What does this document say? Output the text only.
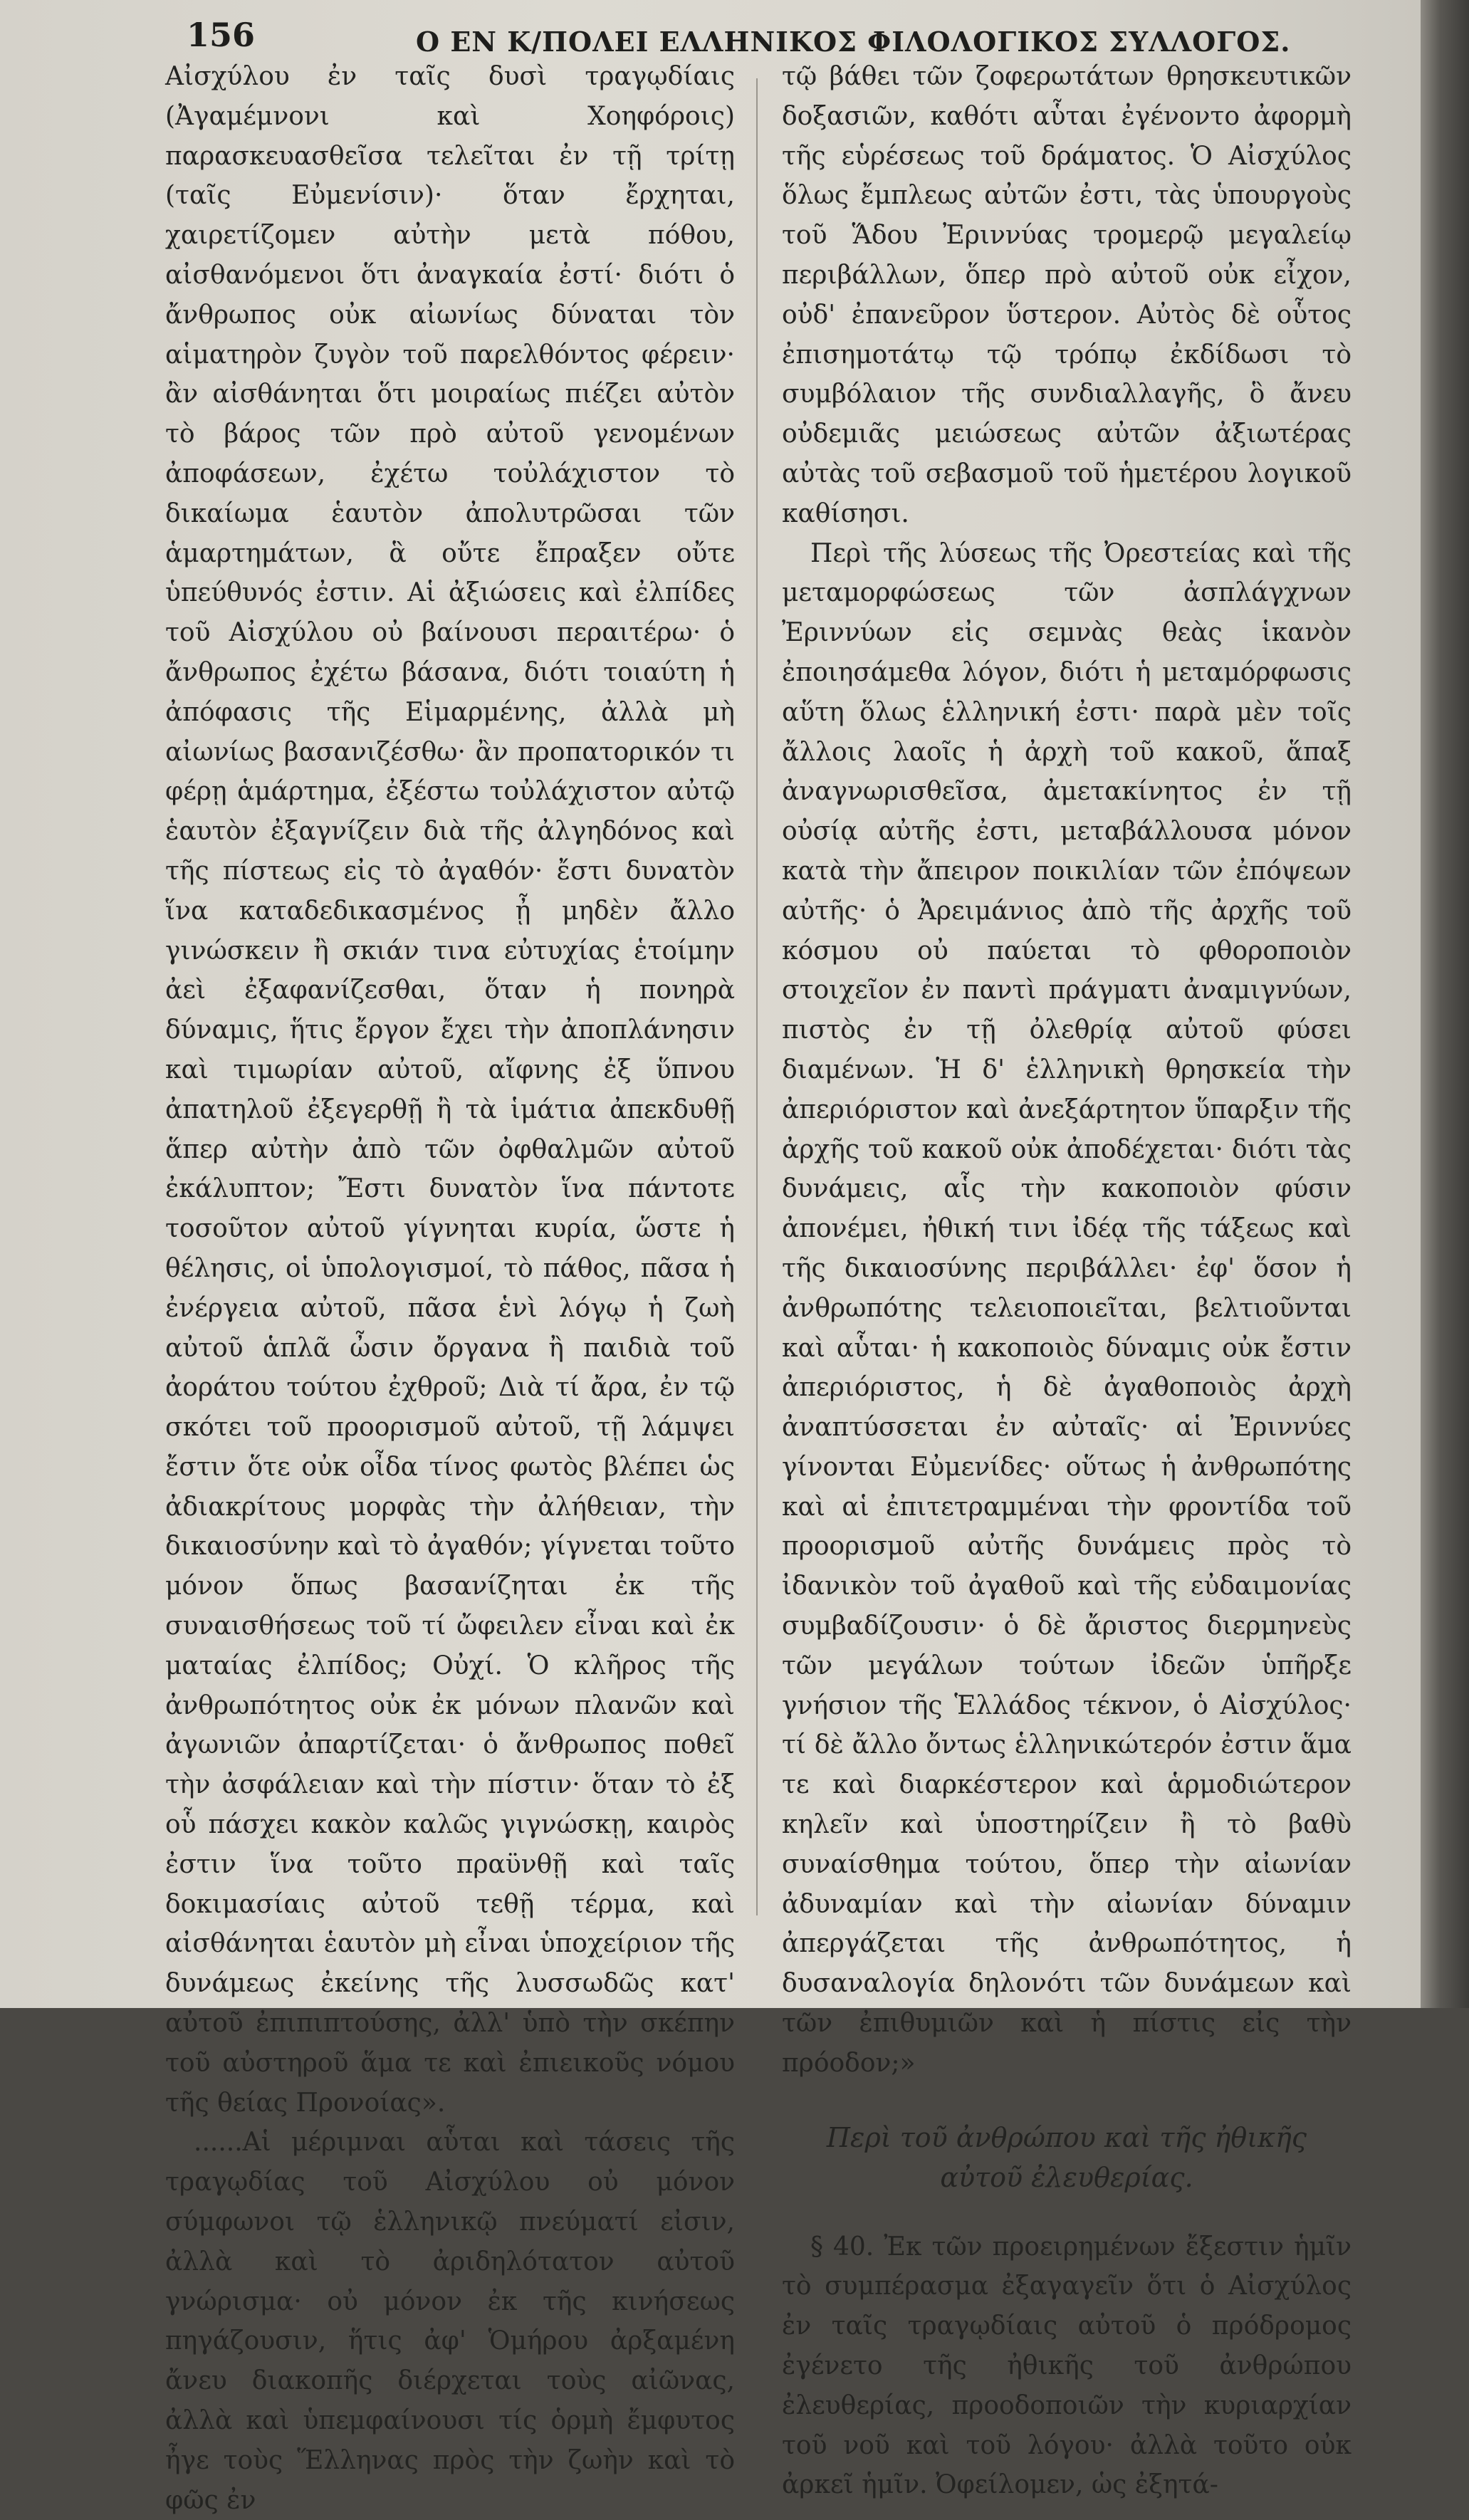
156	Ο ΕΝ Κ/ΠΟΛΕΙ ΕΛΛΗΝΙΚΟΣ ΦΙΛΟΛΟΓΙΚΟΣ ΣΥΛΛΟΓΟΣ.

Αἰσχύλου ἐν ταῖς δυσὶ τραγῳδίαις (Ἀγαμέμνονι καὶ Χοηφόροις) παρασκευασθεῖσα τελεῖται ἐν τῇ τρίτῃ (ταῖς Εὐμενίσιν)· ὅταν ἔρχηται, χαιρετίζομεν αὐτὴν μετὰ πόθου, αἰσθανόμενοι ὅτι ἀναγκαία ἐστί· διότι ὁ ἄνθρωπος οὐκ αἰωνίως δύναται τὸν αἱματηρὸν ζυγὸν τοῦ παρελθόντος φέρειν· ἂν αἰσθάνηται ὅτι μοιραίως πιέζει αὐτὸν τὸ βάρος τῶν πρὸ αὐτοῦ γενομένων ἀποφάσεων, ἐχέτω τοὐλάχιστον τὸ δικαίωμα ἑαυτὸν ἀπολυτρῶσαι τῶν ἁμαρτημάτων, ἃ οὔτε ἔπραξεν οὔτε ὑπεύθυνός ἐστιν. Αἱ ἀξιώσεις καὶ ἐλπίδες τοῦ Αἰσχύλου οὐ βαίνουσι περαιτέρω· ὁ ἄνθρωπος ἐχέτω βάσανα, διότι τοιαύτη ἡ ἀπόφασις τῆς Εἱμαρμένης, ἀλλὰ μὴ αἰωνίως βασανιζέσθω· ἂν προπατορικόν τι φέρῃ ἁμάρτημα, ἐξέστω τοὐλάχιστον αὐτῷ ἑαυτὸν ἐξαγνίζειν διὰ τῆς ἀλγηδόνος καὶ τῆς πίστεως εἰς τὸ ἀγαθόν· ἔστι δυνατὸν ἵνα καταδεδικασμένος ᾖ μηδὲν ἄλλο γινώσκειν ἢ σκιάν τινα εὐτυχίας ἑτοίμην ἀεὶ ἐξαφανίζεσθαι, ὅταν ἡ πονηρὰ δύναμις, ἥτις ἔργον ἔχει τὴν ἀποπλάνησιν καὶ τιμωρίαν αὐτοῦ, αἴφνης ἐξ ὕπνου ἀπατηλοῦ ἐξεγερθῇ ἢ τὰ ἱμάτια ἀπεκδυθῇ ἅπερ αὐτὴν ἀπὸ τῶν ὀφθαλμῶν αὐτοῦ ἐκάλυπτον; Ἔστι δυνατὸν ἵνα πάντοτε τοσοῦτον αὐτοῦ γίγνηται κυρία, ὥστε ἡ θέλησις, οἱ ὑπολογισμοί, τὸ πάθος, πᾶσα ἡ ἐνέργεια αὐτοῦ, πᾶσα ἑνὶ λόγῳ ἡ ζωὴ αὐτοῦ ἁπλᾶ ὦσιν ὄργανα ἢ παιδιὰ τοῦ ἀοράτου τούτου ἐχθροῦ; Διὰ τί ἄρα, ἐν τῷ σκότει τοῦ προορισμοῦ αὐτοῦ, τῇ λάμψει ἔστιν ὅτε οὐκ οἶδα τίνος φωτὸς βλέπει ὡς ἀδιακρίτους μορφὰς τὴν ἀλήθειαν, τὴν δικαιοσύνην καὶ τὸ ἀγαθόν; γίγνεται τοῦτο μόνον ὅπως βασανίζηται ἐκ τῆς συναισθήσεως τοῦ τί ὤφειλεν εἶναι καὶ ἐκ ματαίας ἐλπίδος; Οὐχί. Ὁ κλῆρος τῆς ἀνθρωπότητος οὐκ ἐκ μόνων πλανῶν καὶ ἀγωνιῶν ἀπαρτίζεται· ὁ ἄνθρωπος ποθεῖ τὴν ἀσφάλειαν καὶ τὴν πίστιν· ὅταν τὸ ἐξ οὗ πάσχει κακὸν καλῶς γιγνώσκῃ, καιρὸς ἐστιν ἵνα τοῦτο πραϋνθῇ καὶ ταῖς δοκιμασίαις αὐτοῦ τεθῇ τέρμα, καὶ αἰσθάνηται ἑαυτὸν μὴ εἶναι ὑποχείριον τῆς δυνάμεως ἐκείνης τῆς λυσσωδῶς κατ' αὐτοῦ ἐπιπιπτούσης, ἀλλ' ὑπὸ τὴν σκέπην τοῦ αὐστηροῦ ἅμα τε καὶ ἐπιεικοῦς νόμου τῆς θείας Προνοίας».

......Αἱ μέριμναι αὗται καὶ τάσεις τῆς τραγῳδίας τοῦ Αἰσχύλου οὐ μόνον σύμφωνοι τῷ ἑλληνικῷ πνεύματί εἰσιν, ἀλλὰ καὶ τὸ ἀριδηλότατον αὐτοῦ γνώρισμα· οὐ μόνον ἐκ τῆς κινήσεως πηγάζουσιν, ἥτις ἀφ' Ὁμήρου ἀρξαμένη ἄνευ διακοπῆς διέρχεται τοὺς αἰῶνας, ἀλλὰ καὶ ὑπεμφαίνουσι τίς ὁρμὴ ἔμφυτος ἦγε τοὺς Ἕλληνας πρὸς τὴν ζωὴν καὶ τὸ φῶς ἐν

τῷ βάθει τῶν ζοφερωτάτων θρησκευτικῶν δοξασιῶν, καθότι αὗται ἐγένοντο ἀφορμὴ τῆς εὑρέσεως τοῦ δράματος. Ὁ Αἰσχύλος ὅλως ἔμπλεως αὐτῶν ἐστι, τὰς ὑπουργοὺς τοῦ Ἅδου Ἐριννύας τρομερῷ μεγαλείῳ περιβάλλων, ὅπερ πρὸ αὐτοῦ οὐκ εἶχον, οὐδ' ἐπανεῦρον ὕστερον. Αὐτὸς δὲ οὗτος ἐπισημοτάτῳ τῷ τρόπῳ ἐκδίδωσι τὸ συμβόλαιον τῆς συνδιαλλαγῆς, ὃ ἄνευ οὐδεμιᾶς μειώσεως αὐτῶν ἀξιωτέρας αὐτὰς τοῦ σεβασμοῦ τοῦ ἡμετέρου λογικοῦ καθίσησι.

Περὶ τῆς λύσεως τῆς Ὀρεστείας καὶ τῆς μεταμορφώσεως τῶν ἀσπλάγχνων Ἐριννύων εἰς σεμνὰς θεὰς ἱκανὸν ἐποιησάμεθα λόγον, διότι ἡ μεταμόρφωσις αὕτη ὅλως ἑλληνική ἐστι· παρὰ μὲν τοῖς ἄλλοις λαοῖς ἡ ἀρχὴ τοῦ κακοῦ, ἅπαξ ἀναγνωρισθεῖσα, ἀμετακίνητος ἐν τῇ οὐσίᾳ αὐτῆς ἐστι, μεταβάλλουσα μόνον κατὰ τὴν ἄπειρον ποικιλίαν τῶν ἐπόψεων αὐτῆς· ὁ Ἀρειμάνιος ἀπὸ τῆς ἀρχῆς τοῦ κόσμου οὐ παύεται τὸ φθοροποιὸν στοιχεῖον ἐν παντὶ πράγματι ἀναμιγνύων, πιστὸς ἐν τῇ ὀλεθρίᾳ αὐτοῦ φύσει διαμένων. Ἡ δ' ἑλληνικὴ θρησκεία τὴν ἀπεριόριστον καὶ ἀνεξάρτητον ὕπαρξιν τῆς ἀρχῆς τοῦ κακοῦ οὐκ ἀποδέχεται· διότι τὰς δυνάμεις, αἷς τὴν κακοποιὸν φύσιν ἀπονέμει, ἠθική τινι ἰδέᾳ τῆς τάξεως καὶ τῆς δικαιοσύνης περιβάλλει· ἐφ' ὅσον ἡ ἀνθρωπότης τελειοποιεῖται, βελτιοῦνται καὶ αὗται· ἡ κακοποιὸς δύναμις οὐκ ἔστιν ἀπεριόριστος, ἡ δὲ ἀγαθοποιὸς ἀρχὴ ἀναπτύσσεται ἐν αὐταῖς· αἱ Ἐριννύες γίνονται Εὐμενίδες· οὕτως ἡ ἀνθρωπότης καὶ αἱ ἐπιτετραμμέναι τὴν φροντίδα τοῦ προορισμοῦ αὐτῆς δυνάμεις πρὸς τὸ ἰδανικὸν τοῦ ἀγαθοῦ καὶ τῆς εὐδαιμονίας συμβαδίζουσιν· ὁ δὲ ἄριστος διερμηνεὺς τῶν μεγάλων τούτων ἰδεῶν ὑπῆρξε γνήσιον τῆς Ἑλλάδος τέκνον, ὁ Αἰσχύλος· τί δὲ ἄλλο ὄντως ἑλληνικώτερόν ἐστιν ἅμα τε καὶ διαρκέστερον καὶ ἁρμοδιώτερον κηλεῖν καὶ ὑποστηρίζειν ἢ τὸ βαθὺ συναίσθημα τούτου, ὅπερ τὴν αἰωνίαν ἀδυναμίαν καὶ τὴν αἰωνίαν δύναμιν ἀπεργάζεται τῆς ἀνθρωπότητος, ἡ δυσαναλογία δηλονότι τῶν δυνάμεων καὶ τῶν ἐπιθυμιῶν καὶ ἡ πίστις εἰς τὴν πρόοδον;»

Περὶ τοῦ ἀνθρώπου καὶ τῆς ἠθικῆς
αὐτοῦ ἐλευθερίας.

§ 40. Ἐκ τῶν προειρημένων ἔξεστιν ἡμῖν τὸ συμπέρασμα ἐξαγαγεῖν ὅτι ὁ Αἰσχύλος ἐν ταῖς τραγῳδίαις αὐτοῦ ὁ πρόδρομος ἐγένετο τῆς ἠθικῆς τοῦ ἀνθρώπου ἐλευθερίας, προοδοποιῶν τὴν κυριαρχίαν τοῦ νοῦ καὶ τοῦ λόγου· ἀλλὰ τοῦτο οὐκ ἀρκεῖ ἡμῖν. Ὀφείλομεν, ὡς ἐξητά-
